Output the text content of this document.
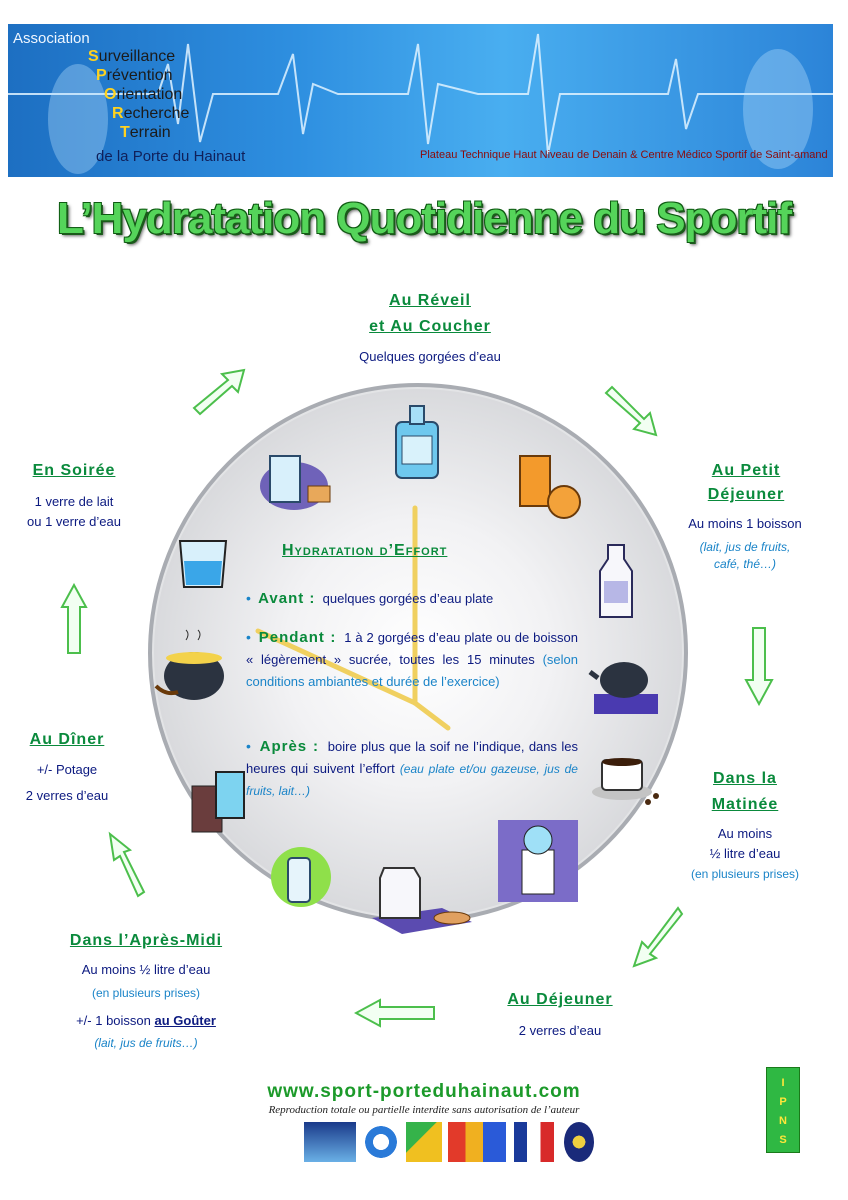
Association
Surveillance
Prévention
Orientation
Recherche
Terrain
de la Porte du Hainaut	Plateau Technique Haut Niveau de Denain & Centre Médico Sportif de Saint-amand
L’Hydratation Quotidienne du Sportif
Au Réveil
et Au Coucher
Quelques gorgées d’eau
Au Petit
Déjeuner
Au moins 1 boisson
(lait, jus de fruits,
café, thé…)
Dans la
Matinée
Au moins
½ litre d’eau
(en plusieurs prises)
Au Déjeuner
2 verres d’eau
Dans l’Après-Midi
Au moins ½ litre d’eau
(en plusieurs prises)
+/- 1 boisson au Goûter
(lait, jus de fruits…)
Au Dîner
+/- Potage
2 verres d’eau
En Soirée
1 verre de lait
ou 1 verre d’eau
Hydratation d’Effort
• Avant : quelques gorgées d’eau plate
• Pendant : 1 à 2 gorgées d’eau plate ou de boisson « légèrement » sucrée, toutes les 15 minutes (selon conditions ambiantes et durée de l’exercice)
• Après : boire plus que la soif ne l’indique, dans les heures qui suivent l’effort (eau plate et/ou gazeuse, jus de fruits, lait…)
www.sport-porteduhainaut.com
Reproduction totale ou partielle interdite sans autorisation de l’auteur
I
P
N
S
